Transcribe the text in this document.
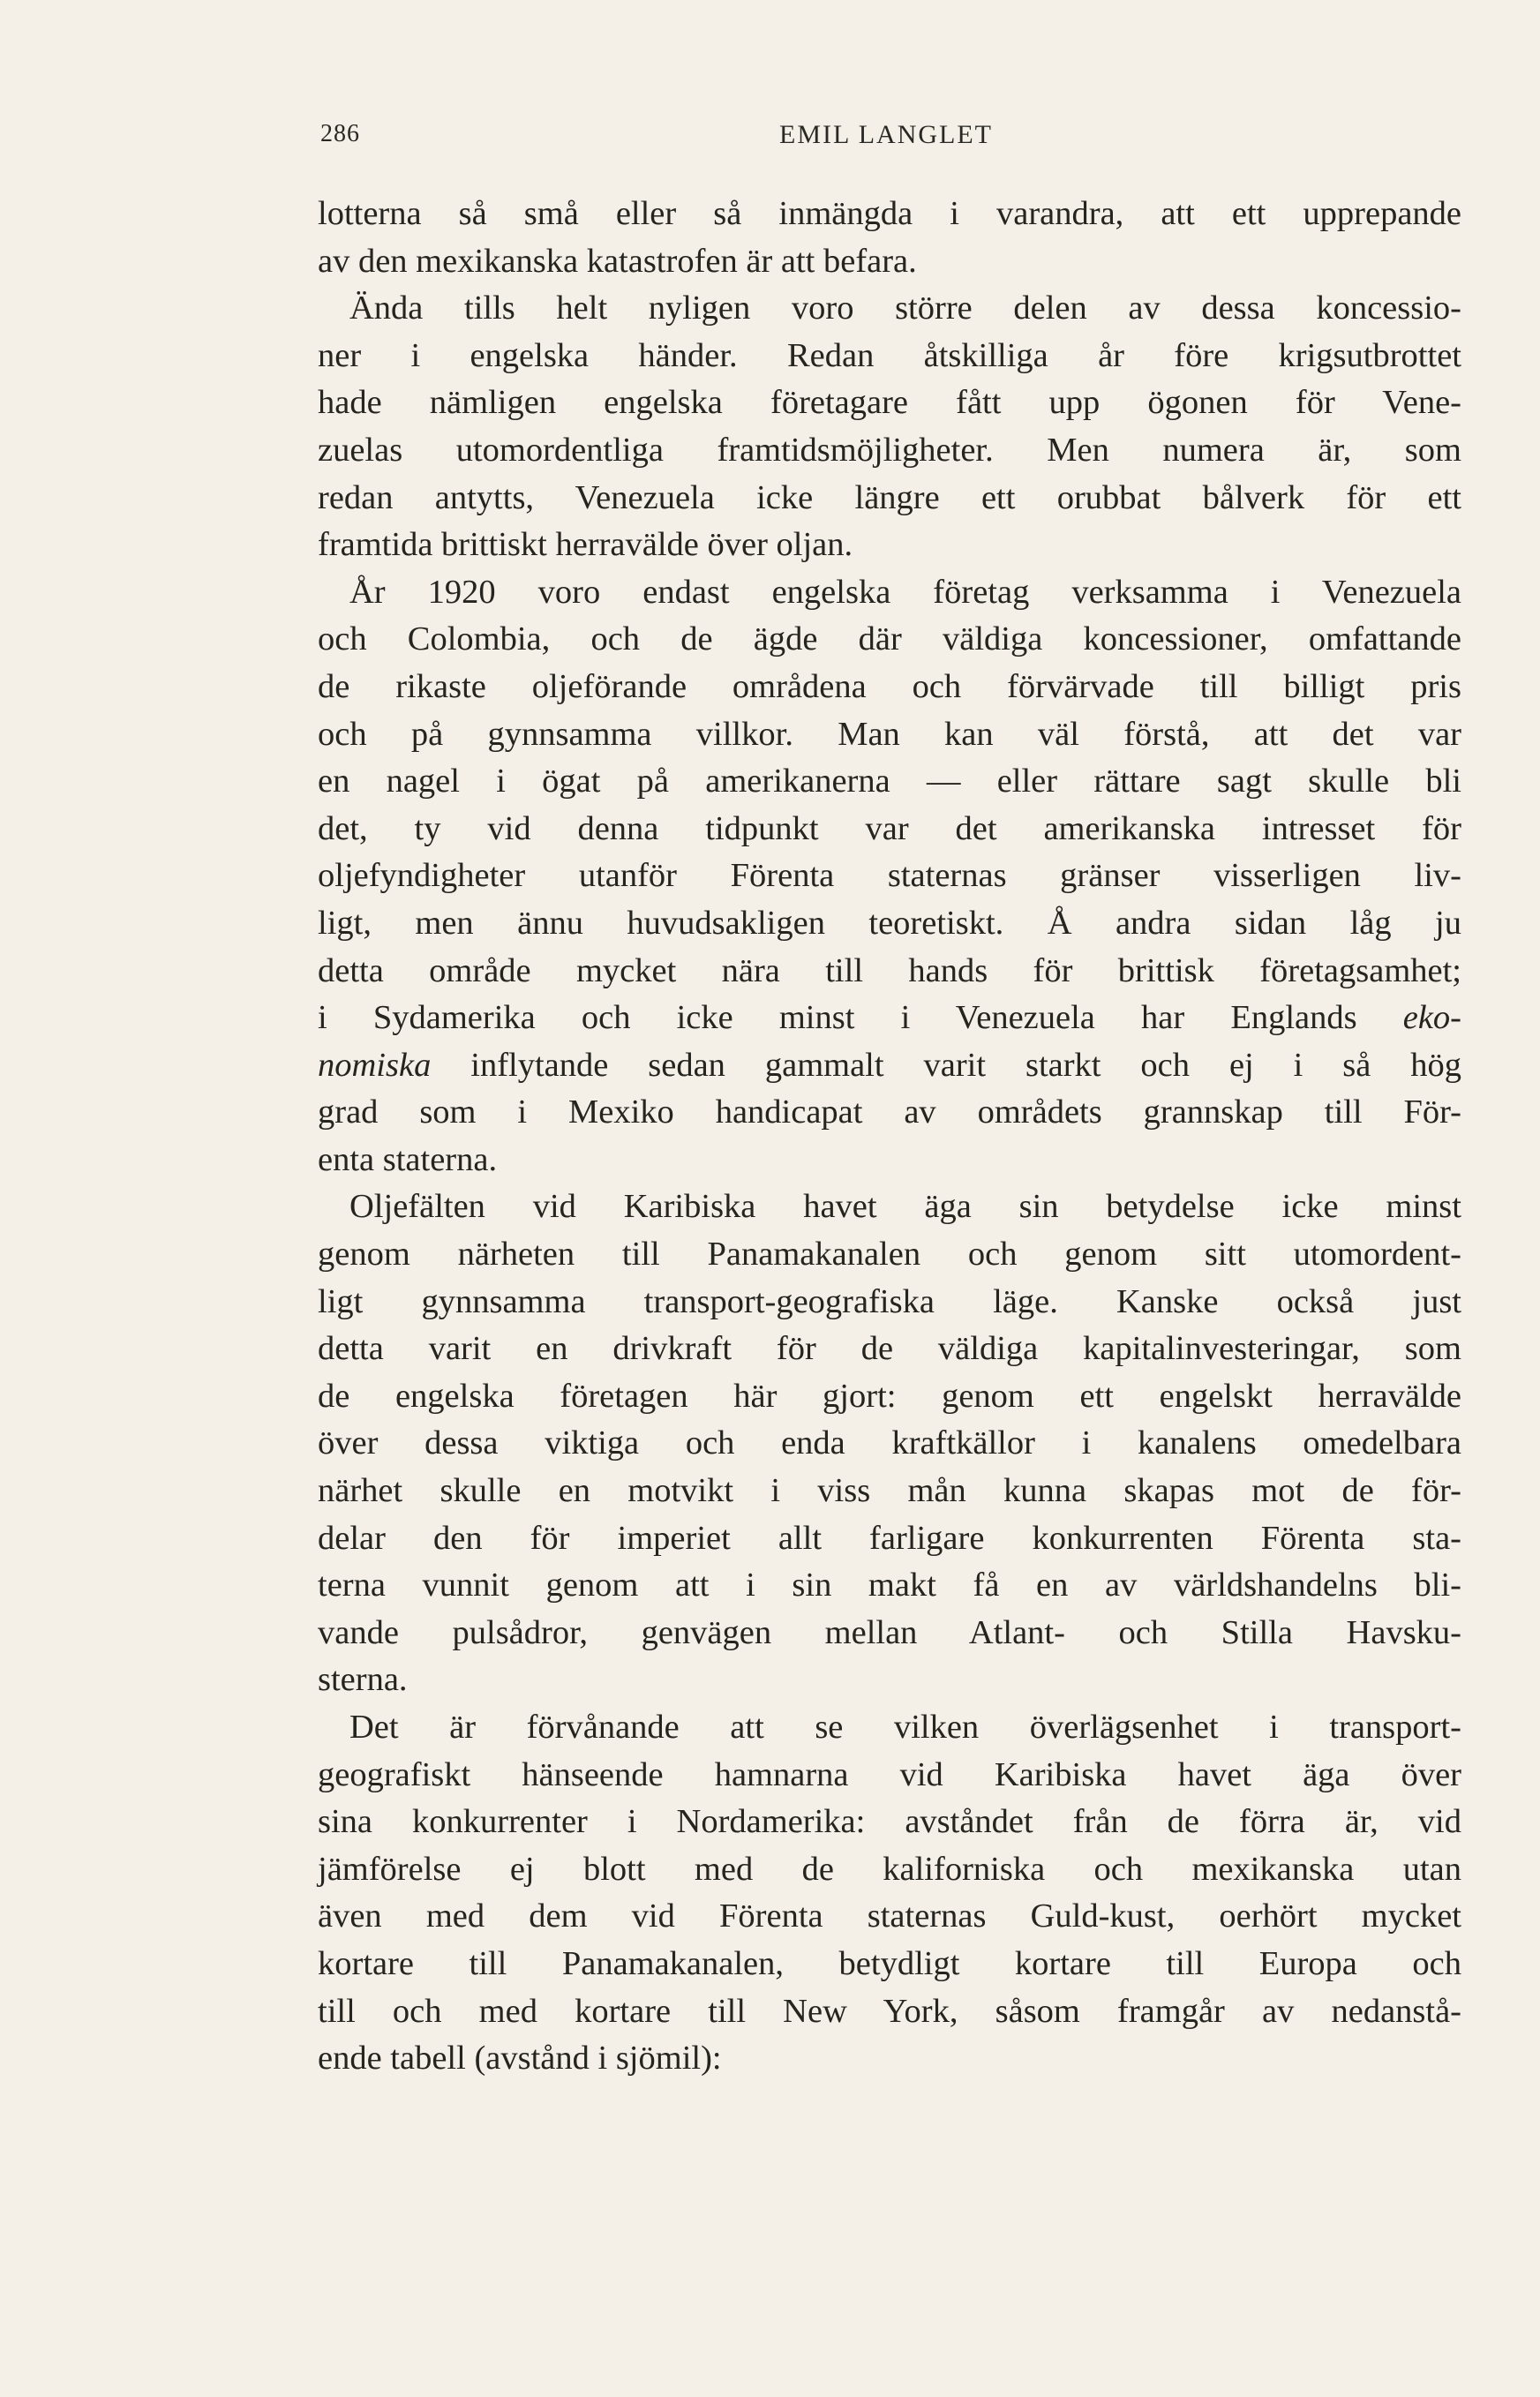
286	EMIL LANGLET
lotterna så små eller så inmängda i varandra, att ett upprepande
av den mexikanska katastrofen är att befara.
Ända tills helt nyligen voro större delen av dessa koncessio-
ner i engelska händer. Redan åtskilliga år före krigsutbrottet
hade nämligen engelska företagare fått upp ögonen för Vene-
zuelas utomordentliga framtidsmöjligheter. Men numera är, som
redan antytts, Venezuela icke längre ett orubbat bålverk för ett
framtida brittiskt herravälde över oljan.
År 1920 voro endast engelska företag verksamma i Venezuela
och Colombia, och de ägde där väldiga koncessioner, omfattande
de rikaste oljeförande områdena och förvärvade till billigt pris
och på gynnsamma villkor. Man kan väl förstå, att det var
en nagel i ögat på amerikanerna — eller rättare sagt skulle bli
det, ty vid denna tidpunkt var det amerikanska intresset för
oljefyndigheter utanför Förenta staternas gränser visserligen liv-
ligt, men ännu huvudsakligen teoretiskt. Å andra sidan låg ju
detta område mycket nära till hands för brittisk företagsamhet;
i Sydamerika och icke minst i Venezuela har Englands eko-
nomiska inflytande sedan gammalt varit starkt och ej i så hög
grad som i Mexiko handicapat av områdets grannskap till För-
enta staterna.
Oljefälten vid Karibiska havet äga sin betydelse icke minst
genom närheten till Panamakanalen och genom sitt utomordent-
ligt gynnsamma transport-geografiska läge. Kanske också just
detta varit en drivkraft för de väldiga kapitalinvesteringar, som
de engelska företagen här gjort: genom ett engelskt herravälde
över dessa viktiga och enda kraftkällor i kanalens omedelbara
närhet skulle en motvikt i viss mån kunna skapas mot de för-
delar den för imperiet allt farligare konkurrenten Förenta sta-
terna vunnit genom att i sin makt få en av världshandelns bli-
vande pulsådror, genvägen mellan Atlant- och Stilla Havsku-
sterna.
Det är förvånande att se vilken överlägsenhet i transport-
geografiskt hänseende hamnarna vid Karibiska havet äga över
sina konkurrenter i Nordamerika: avståndet från de förra är, vid
jämförelse ej blott med de kaliforniska och mexikanska utan
även med dem vid Förenta staternas Guld-kust, oerhört mycket
kortare till Panamakanalen, betydligt kortare till Europa och
till och med kortare till New York, såsom framgår av nedanstå-
ende tabell (avstånd i sjömil):
